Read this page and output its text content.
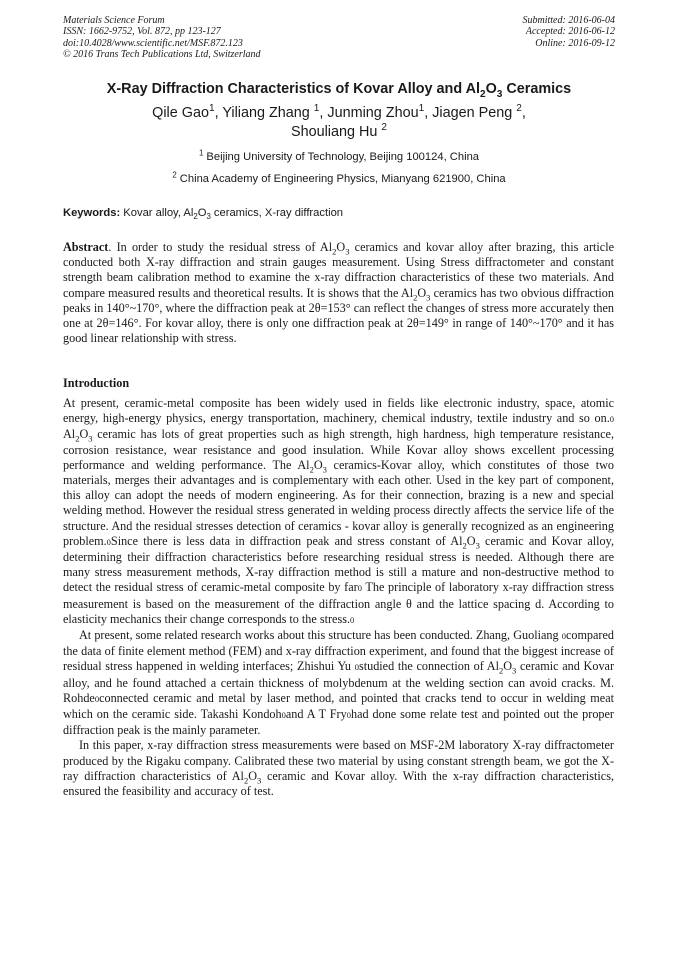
Materials Science Forum
ISSN: 1662-9752, Vol. 872, pp 123-127
doi:10.4028/www.scientific.net/MSF.872.123
© 2016 Trans Tech Publications Ltd, Switzerland
Submitted: 2016-06-04
Accepted: 2016-06-12
Online: 2016-09-12
X-Ray Diffraction Characteristics of Kovar Alloy and $Al_2O_3$ Ceramics
Qile Gao$^1$, Yiliang Zhang $^1$, Junming Zhou$^1$, Jiagen Peng $^2$,
Shouliang Hu $^2$
$^1$ Beijing University of Technology, Beijing 100124, China
$^2$ China Academy of Engineering Physics, Mianyang 621900, China
Keywords: Kovar alloy, $Al_2O_3$ ceramics, X-ray diffraction
Abstract. In order to study the residual stress of $Al_2O_3$ ceramics and kovar alloy after brazing, this article conducted both X-ray diffraction and strain gauges measurement. Using Stress diffractometer and constant strength beam calibration method to examine the x-ray diffraction characteristics of these two materials. And compare measured results and theoretical results. It is shows that the $Al_2O_3$ ceramics has two obvious diffraction peaks in 140°~170°, where the diffraction peak at 2θ=153° can reflect the changes of stress more accurately then one at 2θ=146°. For kovar alloy, there is only one diffraction peak at 2θ=149° in range of 140°~170° and it has good linear relationship with stress.
Introduction

At present, ceramic-metal composite has been widely used in fields like electronic industry, space, atomic energy, high-energy physics, energy transportation, machinery, chemical industry, textile industry and so on.0 $Al_2O_3$ ceramic has lots of great properties such as high strength, high hardness, high temperature resistance, corrosion resistance, wear resistance and good insulation. While Kovar alloy shows excellent processing performance and welding performance. The $Al_2O_3$ ceramics-Kovar alloy, which constitutes of those two materials, merges their advantages and is complementary with each other. Used in the key part of component, this alloy can adopt the needs of modern engineering. As for their connection, brazing is a new and special welding method. However the residual stress generated in welding process directly affects the service life of the structure. And the residual stresses detection of ceramics - kovar alloy is generally recognized as an engineering problem.0Since there is less data in diffraction peak and stress constant of $Al_2O_3$ ceramic and Kovar alloy, determining their diffraction characteristics before researching residual stress is needed. Although there are many stress measurement methods, X-ray diffraction method is still a mature and non-destructive method to detect the residual stress of ceramic-metal composite by far0 The principle of laboratory x-ray diffraction stress measurement is based on the measurement of the diffraction angle θ and the lattice spacing d. According to elasticity mechanics their change corresponds to the stress.0

At present, some related research works about this structure has been conducted. Zhang, Guoliang 0compared the data of finite element method (FEM) and x-ray diffraction experiment, and found that the biggest increase of residual stress happened in welding interfaces; Zhishui Yu 0studied the connection of $Al_2O_3$ ceramic and Kovar alloy, and he found attached a certain thickness of molybdenum at the welding section can avoid cracks. M. Rohde0connected ceramic and metal by laser method, and pointed that cracks tend to occur in welding meat which on the ceramic side. Takashi Kondoh0and A T Fry0had done some relate test and pointed out the proper diffraction peak is the mainly parameter.

In this paper, x-ray diffraction stress measurements were based on MSF-2M laboratory X-ray diffractometer produced by the Rigaku company. Calibrated these two material by using constant strength beam, we got the X-ray diffraction characteristics of $Al_2O_3$ ceramic and Kovar alloy. With the x-ray diffraction characteristics, ensured the feasibility and accuracy of test.
